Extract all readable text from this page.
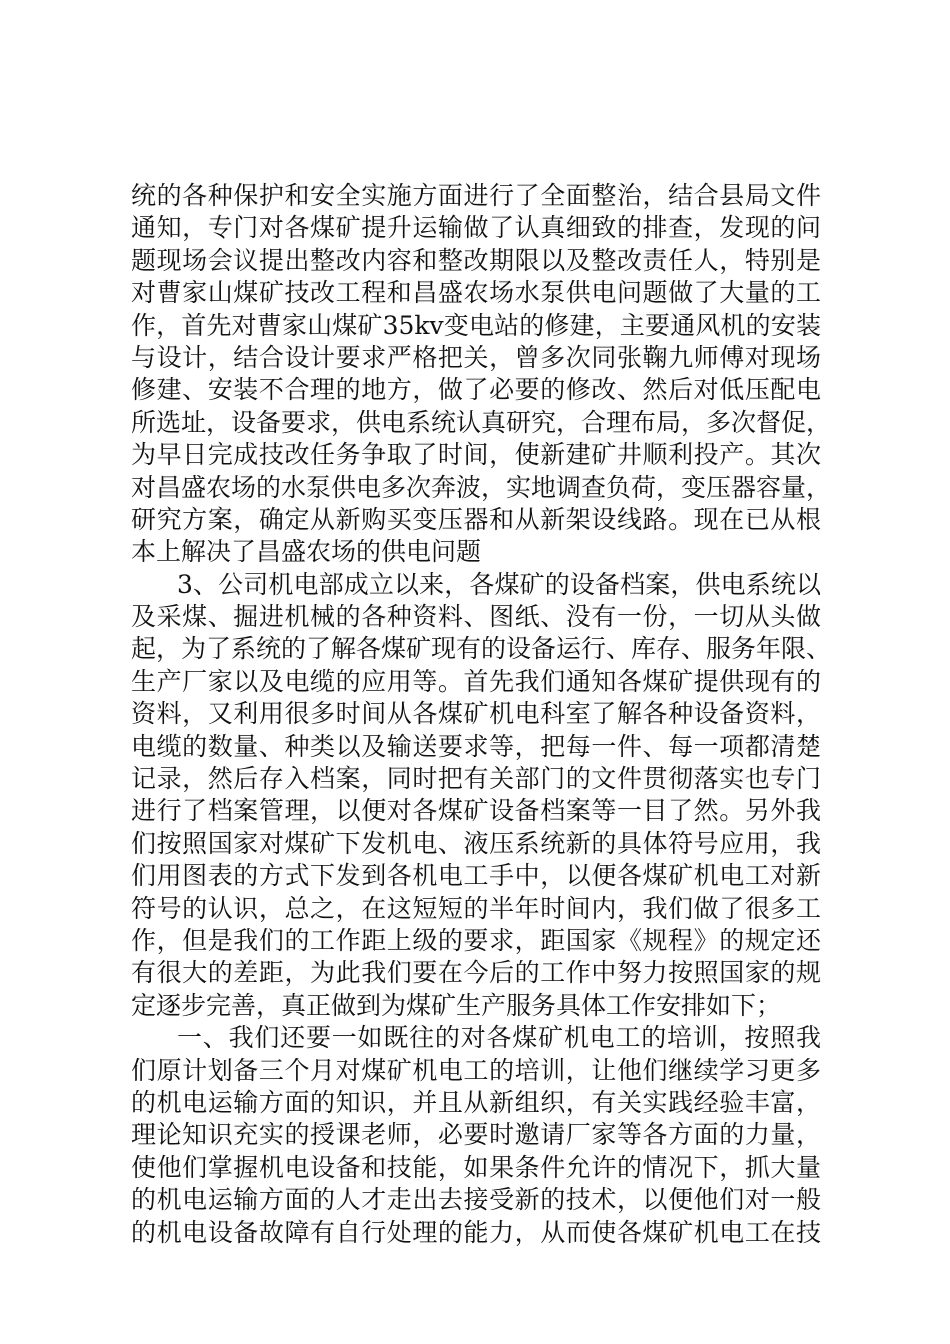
统的各种保护和安全实施方面进行了全面整治，结合县局文件
通知，专门对各煤矿提升运输做了认真细致的排查，发现的问
题现场会议提出整改内容和整改期限以及整改责任人，特别是
对曹家山煤矿技改工程和昌盛农场水泵供电问题做了大量的工
作，首先对曹家山煤矿35kv变电站的修建，主要通风机的安装
与设计，结合设计要求严格把关，曾多次同张鞠九师傅对现场
修建、安装不合理的地方，做了必要的修改、然后对低压配电
所选址，设备要求，供电系统认真研究，合理布局，多次督促，
为早日完成技改任务争取了时间，使新建矿井顺利投产。其次
对昌盛农场的水泵供电多次奔波，实地调查负荷，变压器容量，
研究方案，确定从新购买变压器和从新架设线路。现在已从根
本上解决了昌盛农场的供电问题
3、公司机电部成立以来，各煤矿的设备档案，供电系统以
及采煤、掘进机械的各种资料、图纸、没有一份，一切从头做
起，为了系统的了解各煤矿现有的设备运行、库存、服务年限、
生产厂家以及电缆的应用等。首先我们通知各煤矿提供现有的
资料，又利用很多时间从各煤矿机电科室了解各种设备资料，
电缆的数量、种类以及输送要求等，把每一件、每一项都清楚
记录，然后存入档案，同时把有关部门的文件贯彻落实也专门
进行了档案管理，以便对各煤矿设备档案等一目了然。另外我
们按照国家对煤矿下发机电、液压系统新的具体符号应用，我
们用图表的方式下发到各机电工手中，以便各煤矿机电工对新
符号的认识，总之，在这短短的半年时间内，我们做了很多工
作，但是我们的工作距上级的要求，距国家《规程》的规定还
有很大的差距，为此我们要在今后的工作中努力按照国家的规
定逐步完善，真正做到为煤矿生产服务具体工作安排如下；
一、我们还要一如既往的对各煤矿机电工的培训，按照我
们原计划备三个月对煤矿机电工的培训，让他们继续学习更多
的机电运输方面的知识，并且从新组织，有关实践经验丰富，
理论知识充实的授课老师，必要时邀请厂家等各方面的力量，
使他们掌握机电设备和技能，如果条件允许的情况下，抓大量
的机电运输方面的人才走出去接受新的技术，以便他们对一般
的机电设备故障有自行处理的能力，从而使各煤矿机电工在技
